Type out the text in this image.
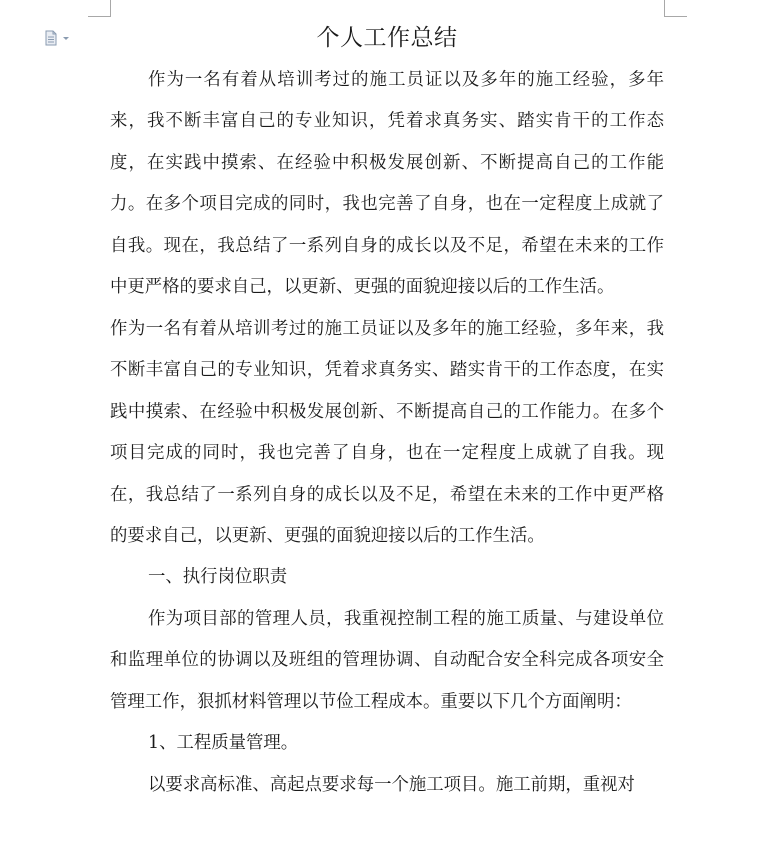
个人工作总结

作为一名有着从培训考过的施工员证以及多年的施工经验，多年来，我不断丰富自己的专业知识，凭着求真务实、踏实肯干的工作态度，在实践中摸索、在经验中积极发展创新、不断提高自己的工作能力。在多个项目完成的同时，我也完善了自身，也在一定程度上成就了自我。现在，我总结了一系列自身的成长以及不足，希望在未来的工作中更严格的要求自己，以更新、更强的面貌迎接以后的工作生活。

作为一名有着从培训考过的施工员证以及多年的施工经验，多年来，我不断丰富自己的专业知识，凭着求真务实、踏实肯干的工作态度，在实践中摸索、在经验中积极发展创新、不断提高自己的工作能力。在多个项目完成的同时，我也完善了自身，也在一定程度上成就了自我。现在，我总结了一系列自身的成长以及不足，希望在未来的工作中更严格的要求自己，以更新、更强的面貌迎接以后的工作生活。

一、执行岗位职责

作为项目部的管理人员，我重视控制工程的施工质量、与建设单位和监理单位的协调以及班组的管理协调、自动配合安全科完成各项安全管理工作，狠抓材料管理以节俭工程成本。重要以下几个方面阐明：

1、工程质量管理。

以要求高标准、高起点要求每一个施工项目。施工前期，重视对
